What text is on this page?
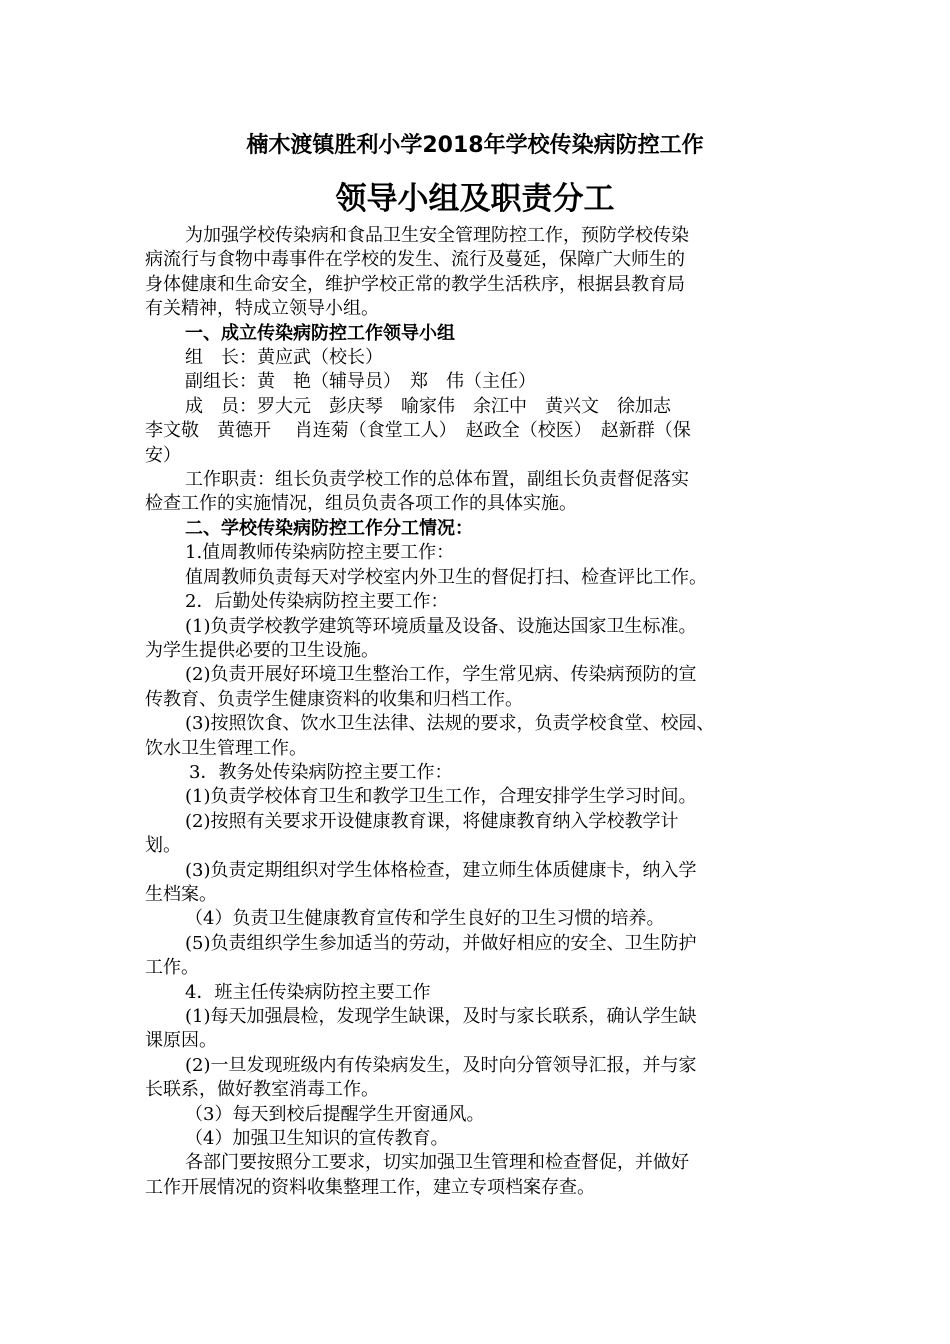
楠木渡镇胜利小学2018年学校传染病防控工作
领导小组及职责分工

为加强学校传染病和食品卫生安全管理防控工作，预防学校传染

病流行与食物中毒事件在学校的发生、流行及蔓延，保障广大师生的

身体健康和生命安全，维护学校正常的教学生活秩序，根据县教育局

有关精神，特成立领导小组。

一、成立传染病防控工作领导小组

组　长：黄应武（校长）

副组长：黄　艳（辅导员）　郑　伟（主任）

成　员：罗大元　彭庆琴　喻家伟　余江中　黄兴文　徐加志

李文敬　黄德开　 肖连菊（食堂工人）　赵政全（校医）　赵新群（保

安）

工作职责：组长负责学校工作的总体布置，副组长负责督促落实

检查工作的实施情况，组员负责各项工作的具体实施。

二、学校传染病防控工作分工情况：

1.值周教师传染病防控主要工作：

值周教师负责每天对学校室内外卫生的督促打扫、检查评比工作。

2．后勤处传染病防控主要工作：

(1)负责学校教学建筑等环境质量及设备、设施达国家卫生标准。

为学生提供必要的卫生设施。

(2)负责开展好环境卫生整治工作，学生常见病、传染病预防的宣

传教育、负责学生健康资料的收集和归档工作。

(3)按照饮食、饮水卫生法律、法规的要求，负责学校食堂、校园、

饮水卫生管理工作。

3．教务处传染病防控主要工作：

(1)负责学校体育卫生和教学卫生工作，合理安排学生学习时间。

(2)按照有关要求开设健康教育课，将健康教育纳入学校教学计

划。

(3)负责定期组织对学生体格检查，建立师生体质健康卡，纳入学

生档案。

（4）负责卫生健康教育宣传和学生良好的卫生习惯的培养。

(5)负责组织学生参加适当的劳动，并做好相应的安全、卫生防护

工作。

4．班主任传染病防控主要工作

(1)每天加强晨检，发现学生缺课，及时与家长联系，确认学生缺

课原因。

(2)一旦发现班级内有传染病发生，及时向分管领导汇报，并与家

长联系，做好教室消毒工作。

（3）每天到校后提醒学生开窗通风。

（4）加强卫生知识的宣传教育。

各部门要按照分工要求，切实加强卫生管理和检查督促，并做好

工作开展情况的资料收集整理工作，建立专项档案存查。
